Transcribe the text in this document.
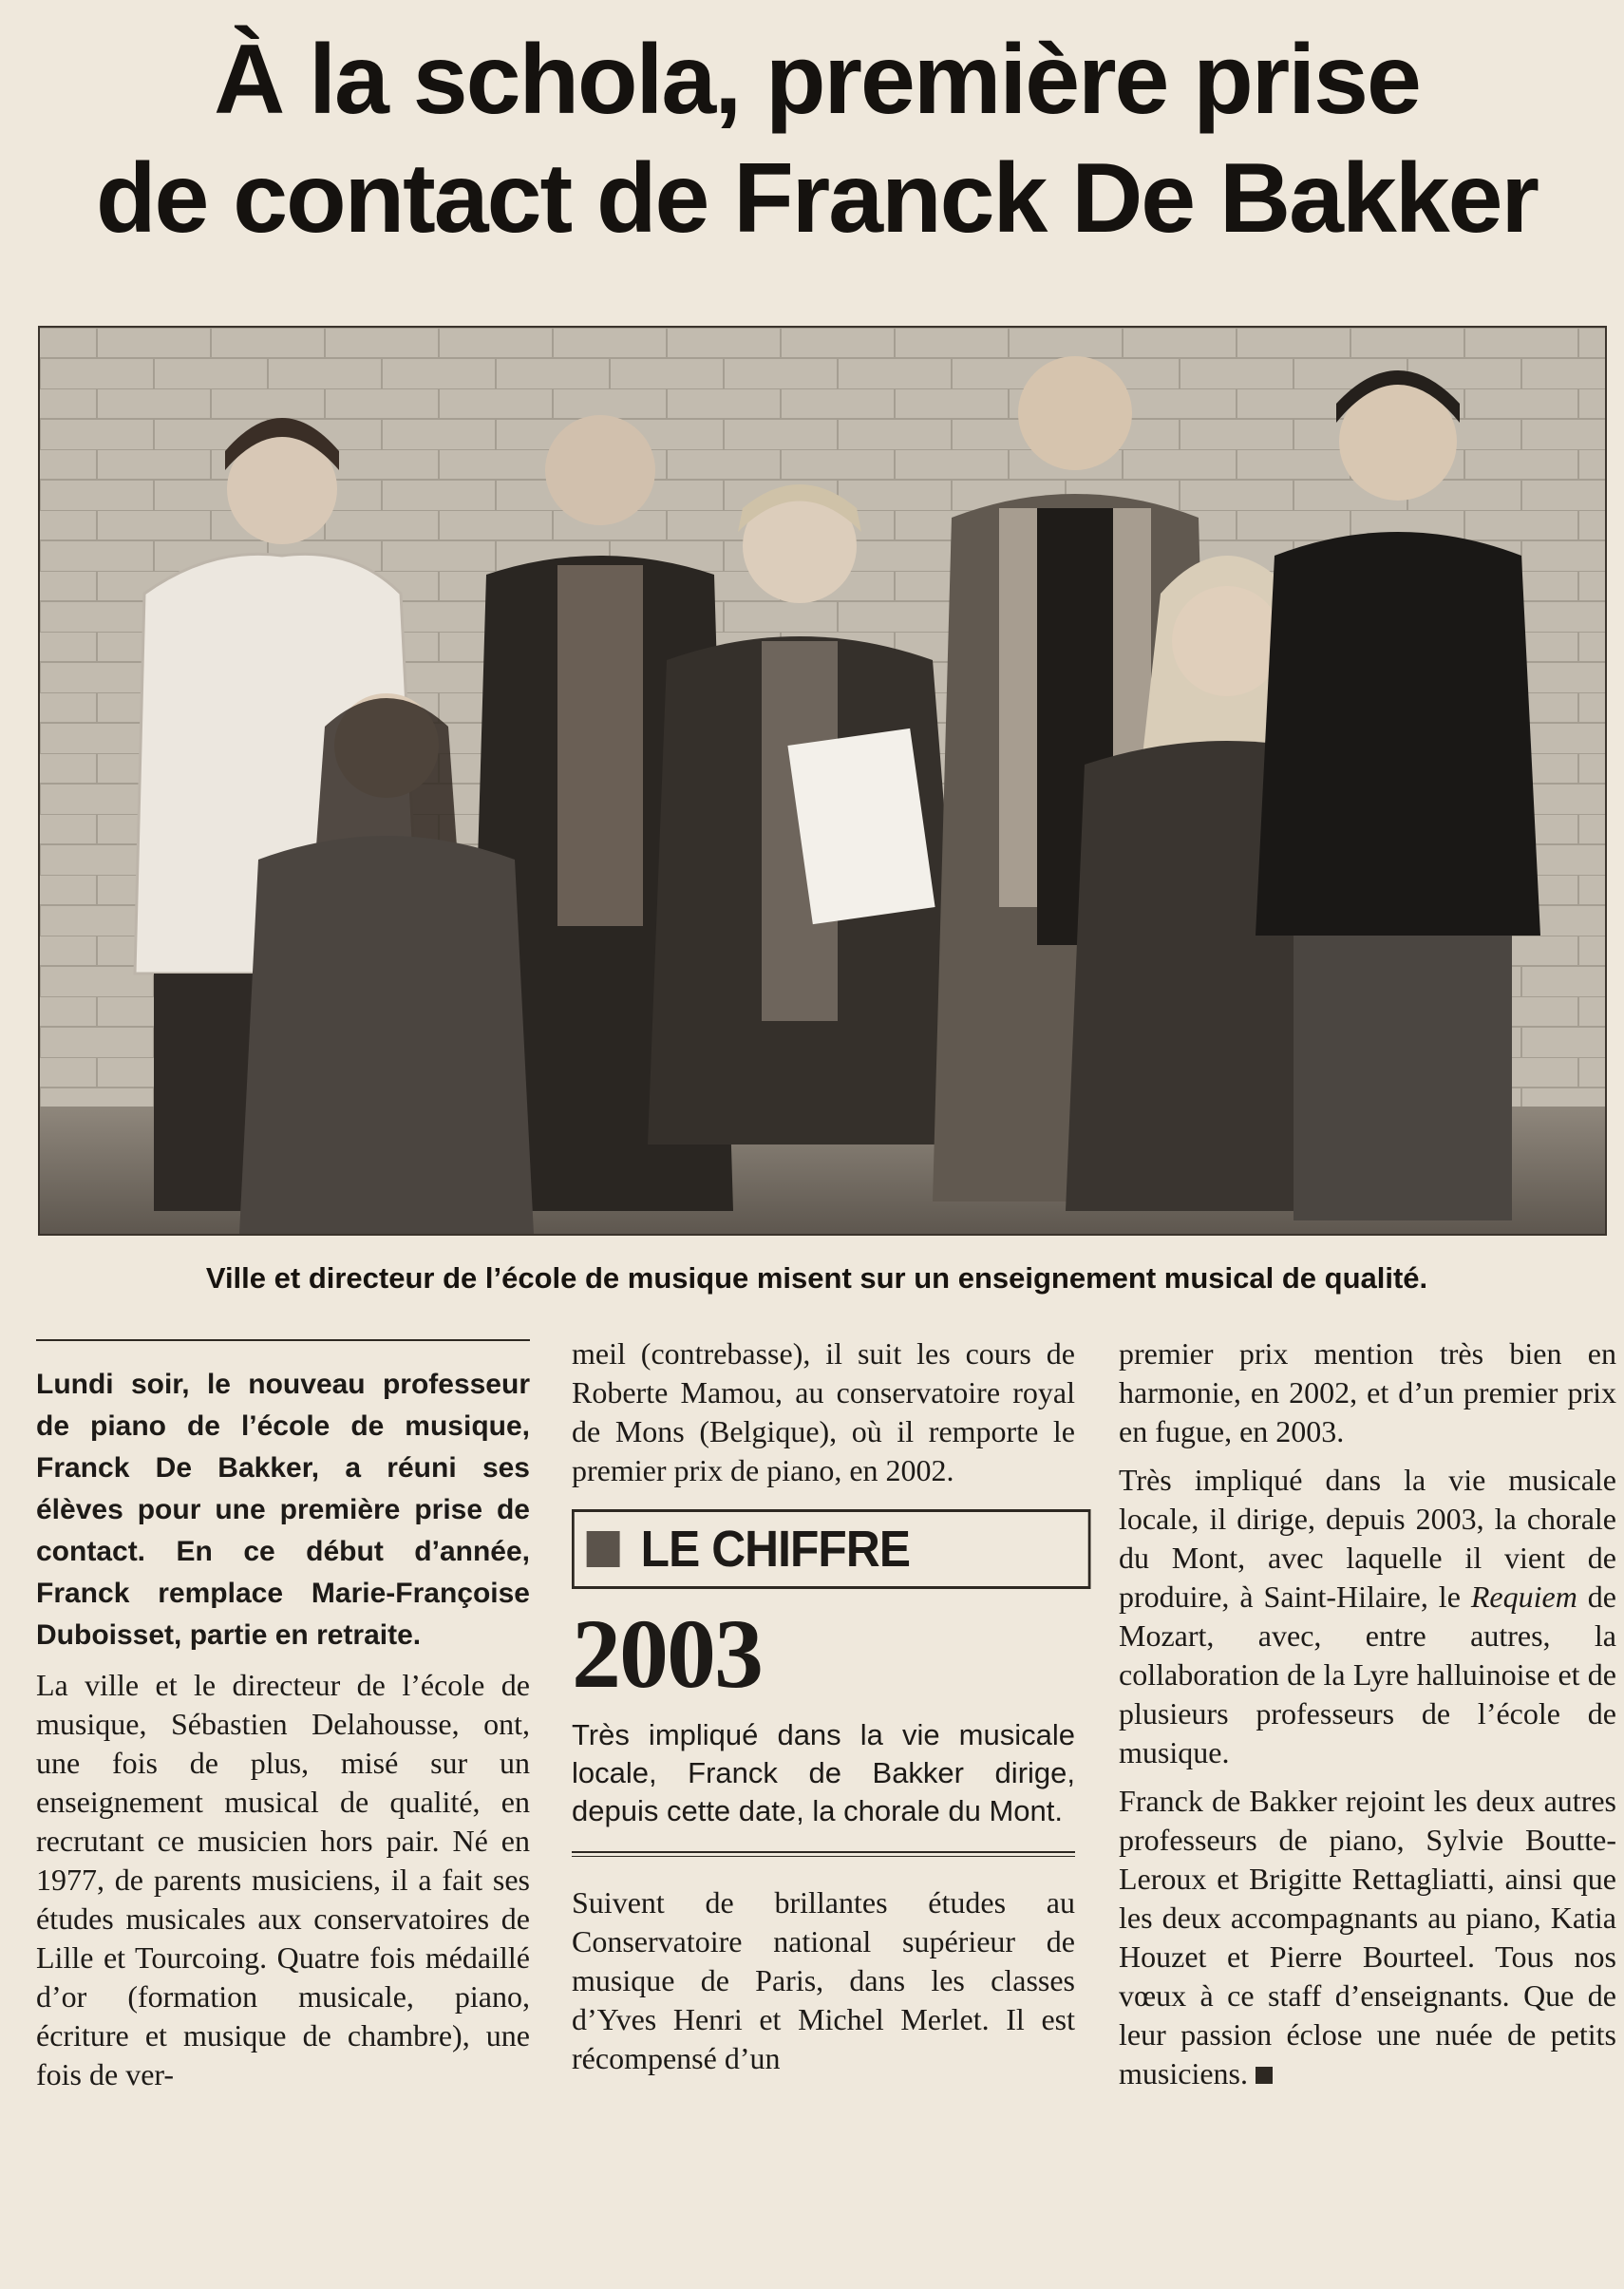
À la schola, première prise
de contact de Franck De Bakker
Ville et directeur de l’école de musique misent sur un enseignement musical de qualité.

Lundi soir, le nouveau professeur de piano de l’école de musique, Franck De Bakker, a réuni ses élèves pour une première prise de contact. En ce début d’année, Franck remplace Marie-Françoise Duboisset, partie en retraite.

La ville et le directeur de l’école de musique, Sébastien Delahousse, ont, une fois de plus, misé sur un enseignement musical de qualité, en recrutant ce musicien hors pair. Né en 1977, de parents musiciens, il a fait ses études musicales aux conservatoires de Lille et Tourcoing. Quatre fois médaillé d’or (formation musicale, piano, écriture et musique de chambre), une fois de ver-

meil (contrebasse), il suit les cours de Roberte Mamou, au conservatoire royal de Mons (Belgique), où il remporte le premier prix de piano, en 2002.

LE CHIFFRE
2003
Très impliqué dans la vie musicale locale, Franck de Bakker dirige, depuis cette date, la chorale du Mont.

Suivent de brillantes études au Conservatoire national supérieur de musique de Paris, dans les classes d’Yves Henri et Michel Merlet. Il est récompensé d’un

premier prix mention très bien en harmonie, en 2002, et d’un premier prix en fugue, en 2003.

Très impliqué dans la vie musicale locale, il dirige, depuis 2003, la chorale du Mont, avec laquelle il vient de produire, à Saint-Hilaire, le Requiem de Mozart, avec, entre autres, la collaboration de la Lyre halluinoise et de plusieurs professeurs de l’école de musique.

Franck de Bakker rejoint les deux autres professeurs de piano, Sylvie Boutte-Leroux et Brigitte Rettagliatti, ainsi que les deux accompagnants au piano, Katia Houzet et Pierre Bourteel. Tous nos vœux à ce staff d’enseignants. Que de leur passion éclose une nuée de petits musiciens.
